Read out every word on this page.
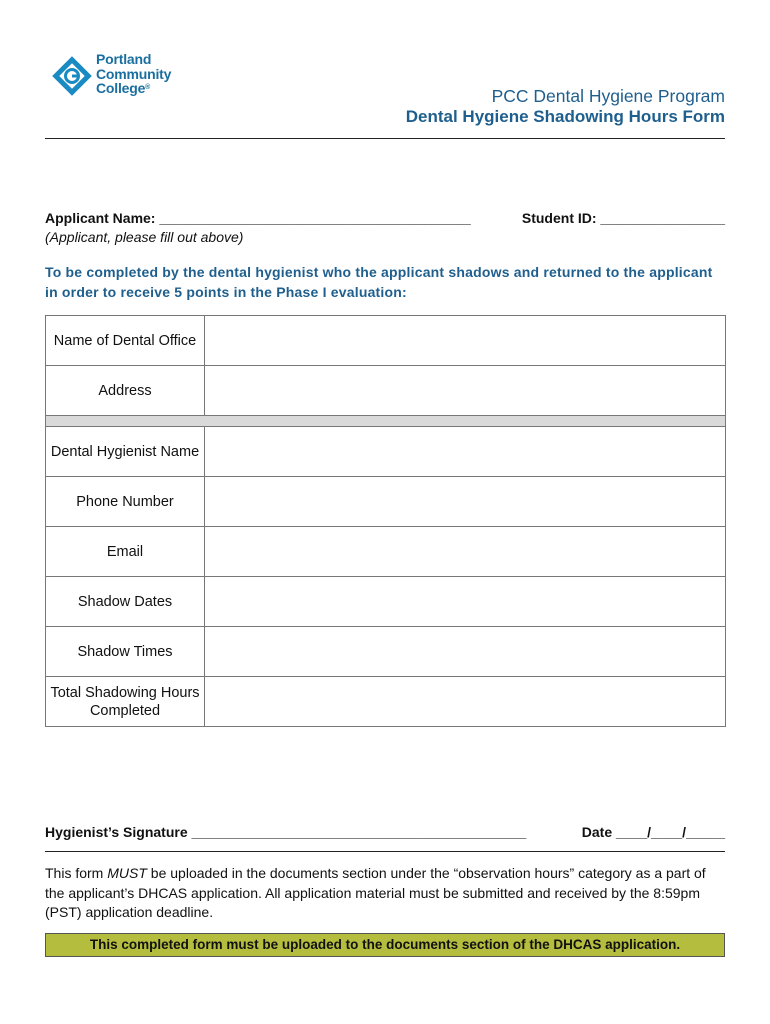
Portland
Community
College®	PCC Dental Hygiene Program
Dental Hygiene Shadowing Hours Form
Applicant Name: ________________________________________	Student ID: ________________
(Applicant, please fill out above)
To be completed by the dental hygienist who the applicant shadows and returned to the applicant in order to receive 5 points in the Phase I evaluation:
Name of Dental Office	
Address	

Dental Hygienist Name	
Phone Number	
Email	
Shadow Dates	
Shadow Times	
Total Shadowing Hours Completed	
Hygienist’s Signature ___________________________________________	Date ____/____/_____
This form MUST be uploaded in the documents section under the “observation hours” category as a part of the applicant’s DHCAS application. All application material must be submitted and received by the 8:59pm (PST) application deadline.
This completed form must be uploaded to the documents section of the DHCAS application.
